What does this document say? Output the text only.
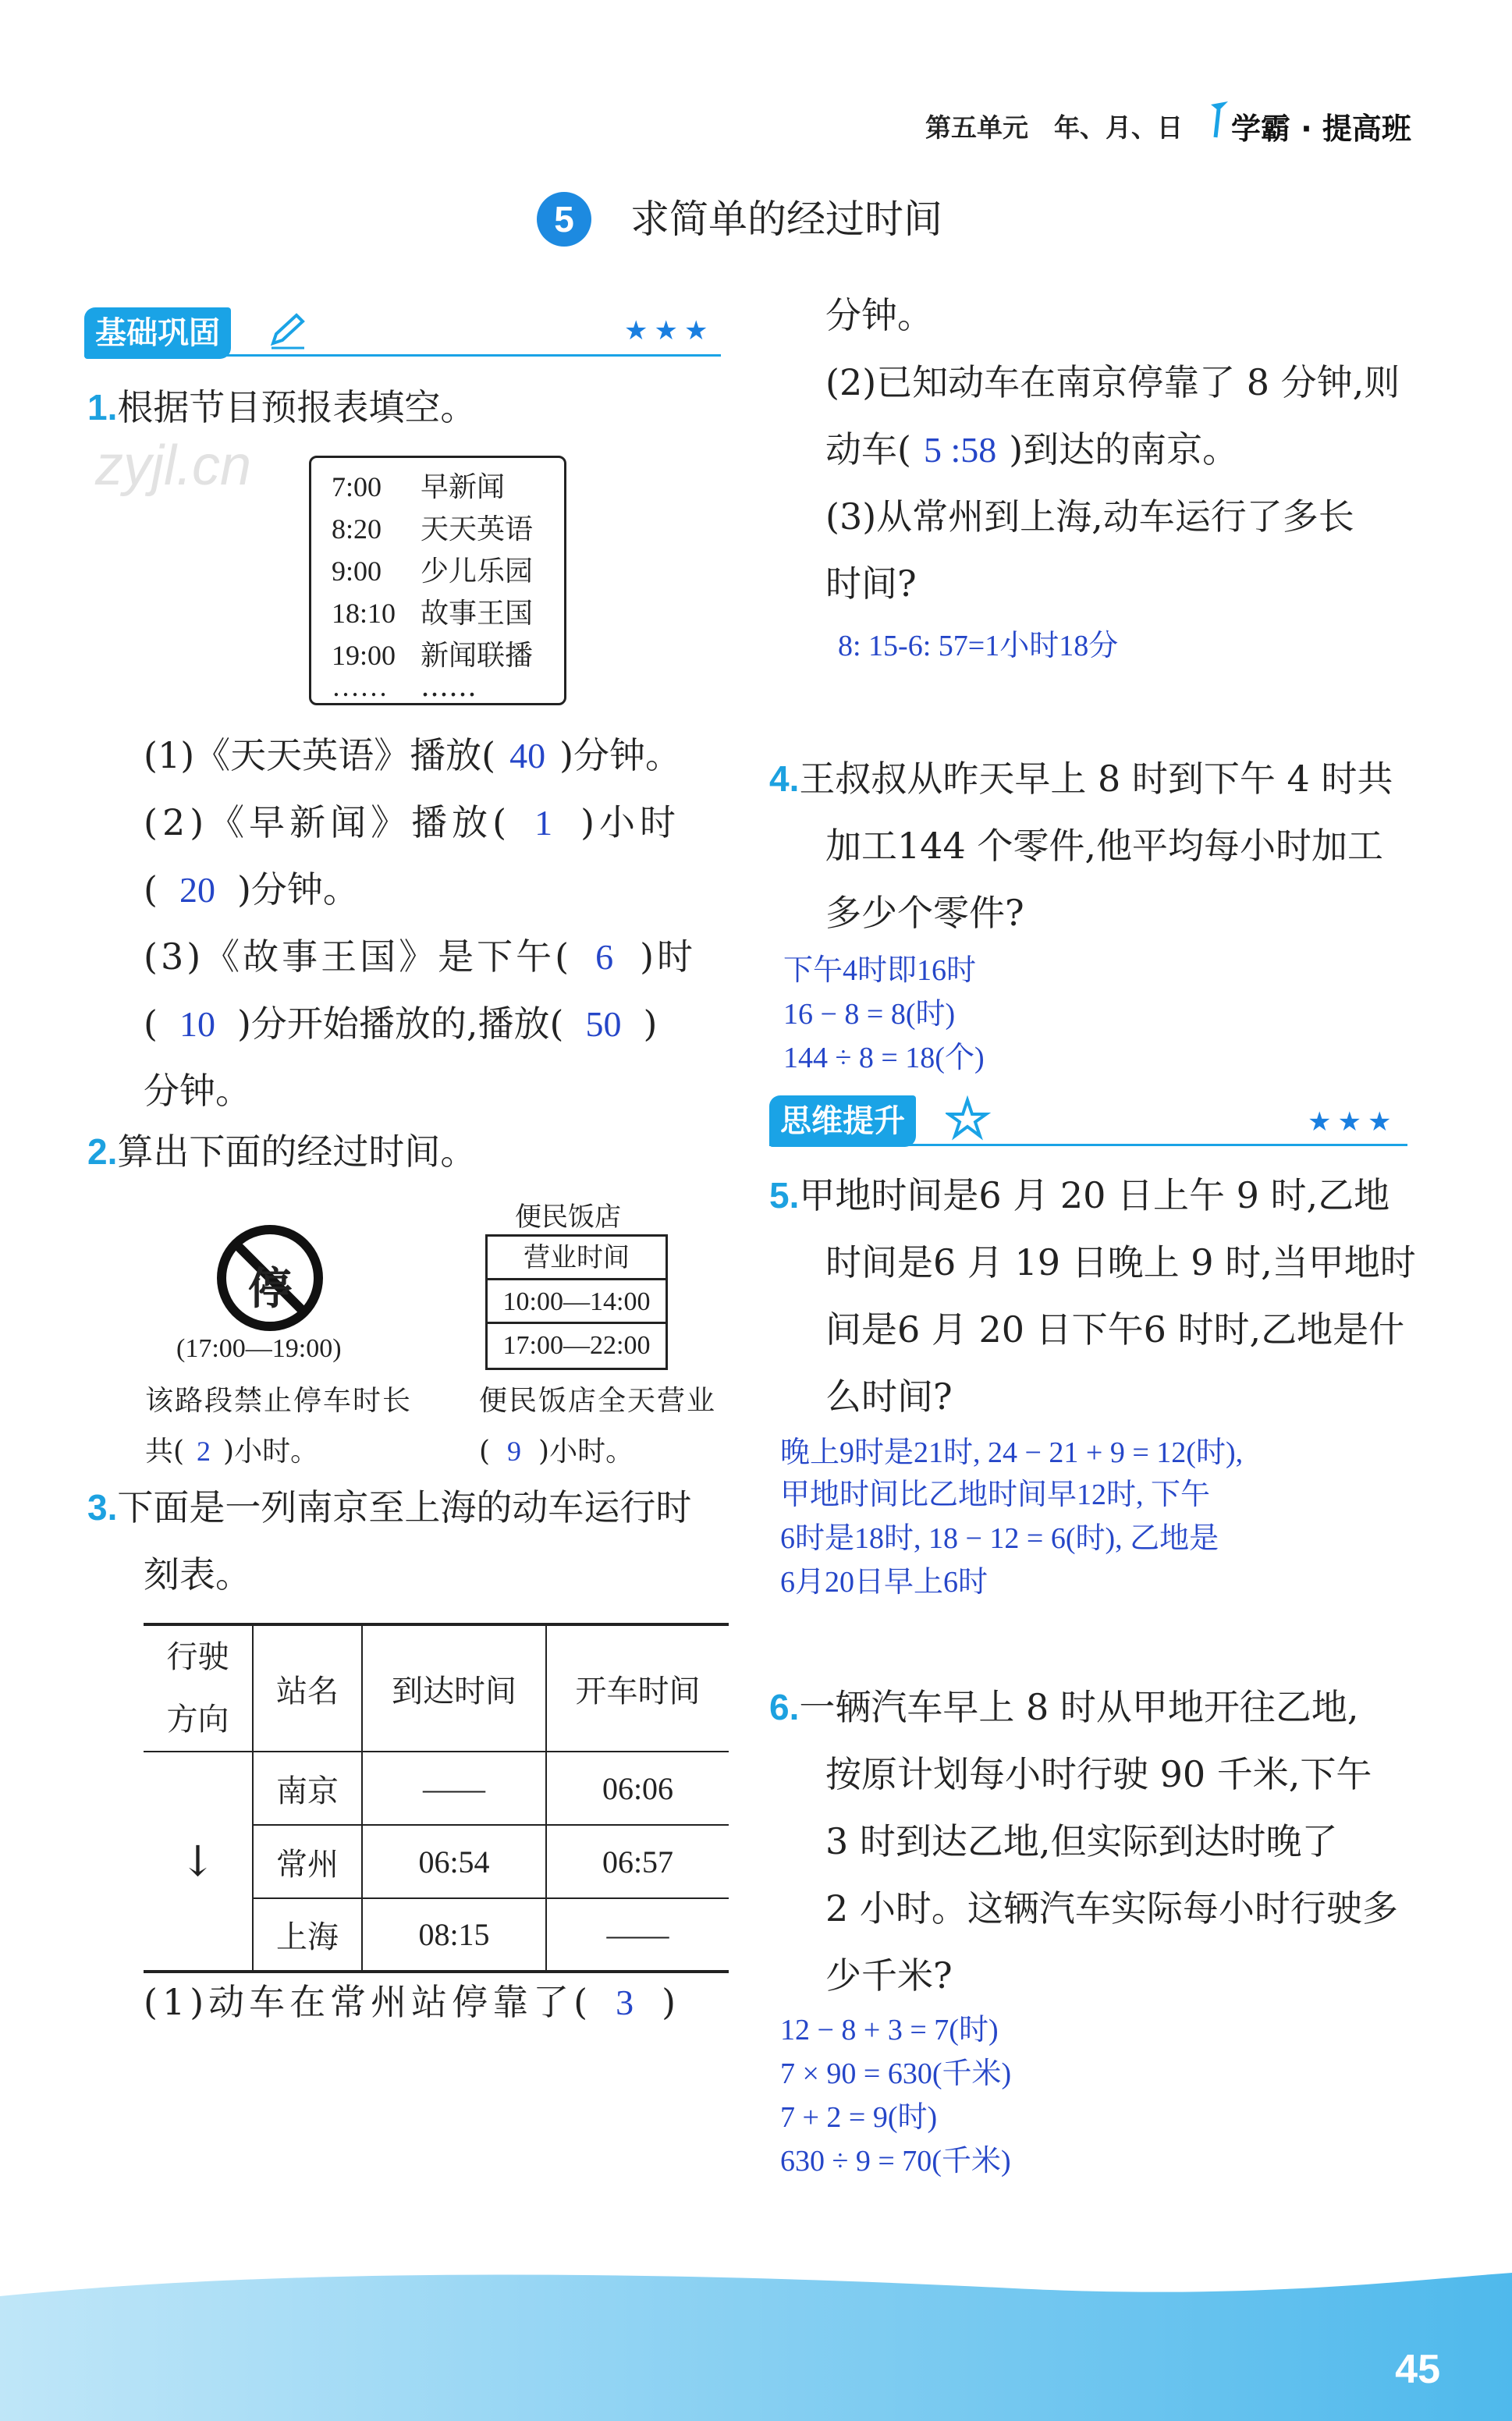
第五单元　年、月、日 学霸 · 提高班
5	求简单的经过时间
zyjl.cn
基础巩固	★★★
1.根据节目预报表填空。
7:00 早新闻
8:20 天天英语
9:00 少儿乐园
18:10 故事王国
19:00 新闻联播
…… ……
(1)《天天英语》播放( 40 )分钟。
(2)《早新闻》播放( 1 )小时
( 20 )分钟。
(3)《故事王国》是下午( 6 )时
( 10 )分开始播放的,播放( 50 )
分钟。
2.算出下面的经过时间。
停
(17:00—19:00)
便民饭店
营业时间
10:00—14:00
17:00—22:00
该路段禁止停车时长
共( 2 )小时。
便民饭店全天营业
( 9 )小时。
3.下面是一列南京至上海的动车运行时
刻表。
行驶
方向	站名	到达时间	开车时间
↓	南京	——	06:06
	常州	06:54	06:57
	上海	08:15	——
(1)动车在常州站停靠了( 3 )
分钟。
(2)已知动车在南京停靠了 8 分钟,则
动车( 5 :58 )到达的南京。
(3)从常州到上海,动车运行了多长
时间?
8: 15-6: 57=1小时18分
4.王叔叔从昨天早上 8 时到下午 4 时共
加工144 个零件,他平均每小时加工
多少个零件?
下午4时即16时
16 − 8 = 8(时)
144 ÷ 8 = 18(个)
思维提升	★★★
5.甲地时间是6 月 20 日上午 9 时,乙地
时间是6 月 19 日晚上 9 时,当甲地时
间是6 月 20 日下午6 时时,乙地是什
么时间?
晚上9时是21时, 24 − 21 + 9 = 12(时),
甲地时间比乙地时间早12时, 下午
6时是18时, 18 − 12 = 6(时), 乙地是
6月20日早上6时
6.一辆汽车早上 8 时从甲地开往乙地,
按原计划每小时行驶 90 千米,下午
3 时到达乙地,但实际到达时晚了
2 小时。这辆汽车实际每小时行驶多
少千米?
12 − 8 + 3 = 7(时)
7 × 90 = 630(千米)
7 + 2 = 9(时)
630 ÷ 9 = 70(千米)
45
